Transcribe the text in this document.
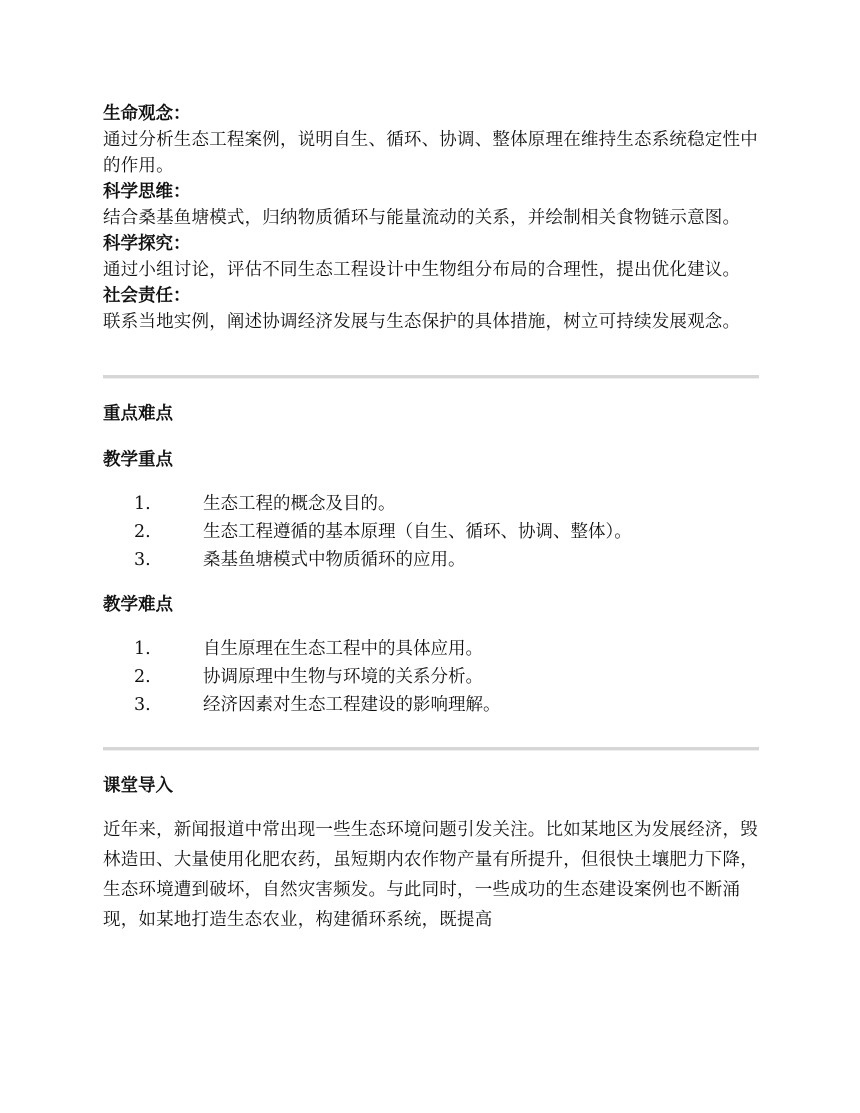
生命观念：
通过分析生态工程案例，说明自生、循环、协调、整体原理在维持生态系统稳定性中的作用。
科学思维：
结合桑基鱼塘模式，归纳物质循环与能量流动的关系，并绘制相关食物链示意图。
科学探究：
通过小组讨论，评估不同生态工程设计中生物组分布局的合理性，提出优化建议。
社会责任：
联系当地实例，阐述协调经济发展与生态保护的具体措施，树立可持续发展观念。
重点难点
教学重点
1.	生态工程的概念及目的。
2.	生态工程遵循的基本原理（自生、循环、协调、整体）。
3.	桑基鱼塘模式中物质循环的应用。
教学难点
1.	自生原理在生态工程中的具体应用。
2.	协调原理中生物与环境的关系分析。
3.	经济因素对生态工程建设的影响理解。
课堂导入
近年来，新闻报道中常出现一些生态环境问题引发关注。比如某地区为发展经济，毁林造田、大量使用化肥农药，虽短期内农作物产量有所提升，但很快土壤肥力下降，生态环境遭到破坏，自然灾害频发。与此同时，一些成功的生态建设案例也不断涌现，如某地打造生态农业，构建循环系统，既提高
